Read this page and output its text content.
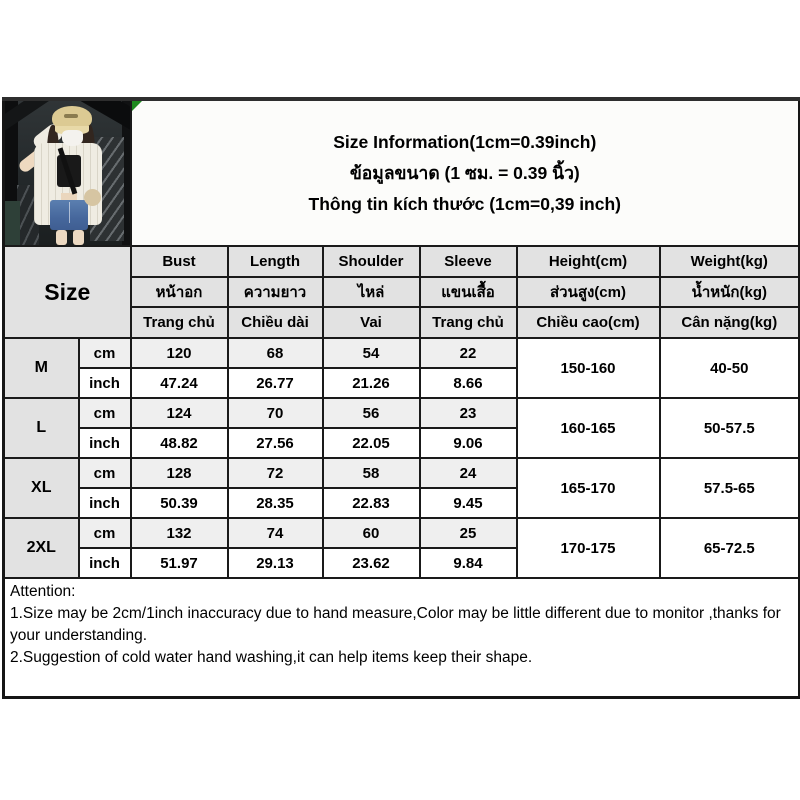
		Size Information(1cm=0.39inch)
ข้อมูลขนาด (1 ซม. = 0.39 นิ้ว)
Thông tin kích thước (1cm=0,39 inch)					

Size		Bust	Length	Shoulder	Sleeve	Height(cm)	Weight(kg)
		หน้าอก	ความยาว	ไหล่	แขนเสื้อ	ส่วนสูง(cm)	น้ำหนัก(kg)
		Trang chủ	Chiều dài	Vai	Trang chủ	Chiều cao(cm)	Cân nặng(kg)
M	cm	120	68	54	22	150-160	40-50
	inch	47.24	26.77	21.26	8.66		
L	cm	124	70	56	23	160-165	50-57.5
	inch	48.82	27.56	22.05	9.06		
XL	cm	128	72	58	24	165-170	57.5-65
	inch	50.39	28.35	22.83	9.45		
2XL	cm	132	74	60	25	170-175	65-72.5
	inch	51.97	29.13	23.62	9.84		

Attention:
1.Size may be 2cm/1inch inaccuracy due to hand measure,Color may be little different due to monitor ,thanks for your understanding.
2.Suggestion of cold water hand washing,it can help items keep their shape.							
